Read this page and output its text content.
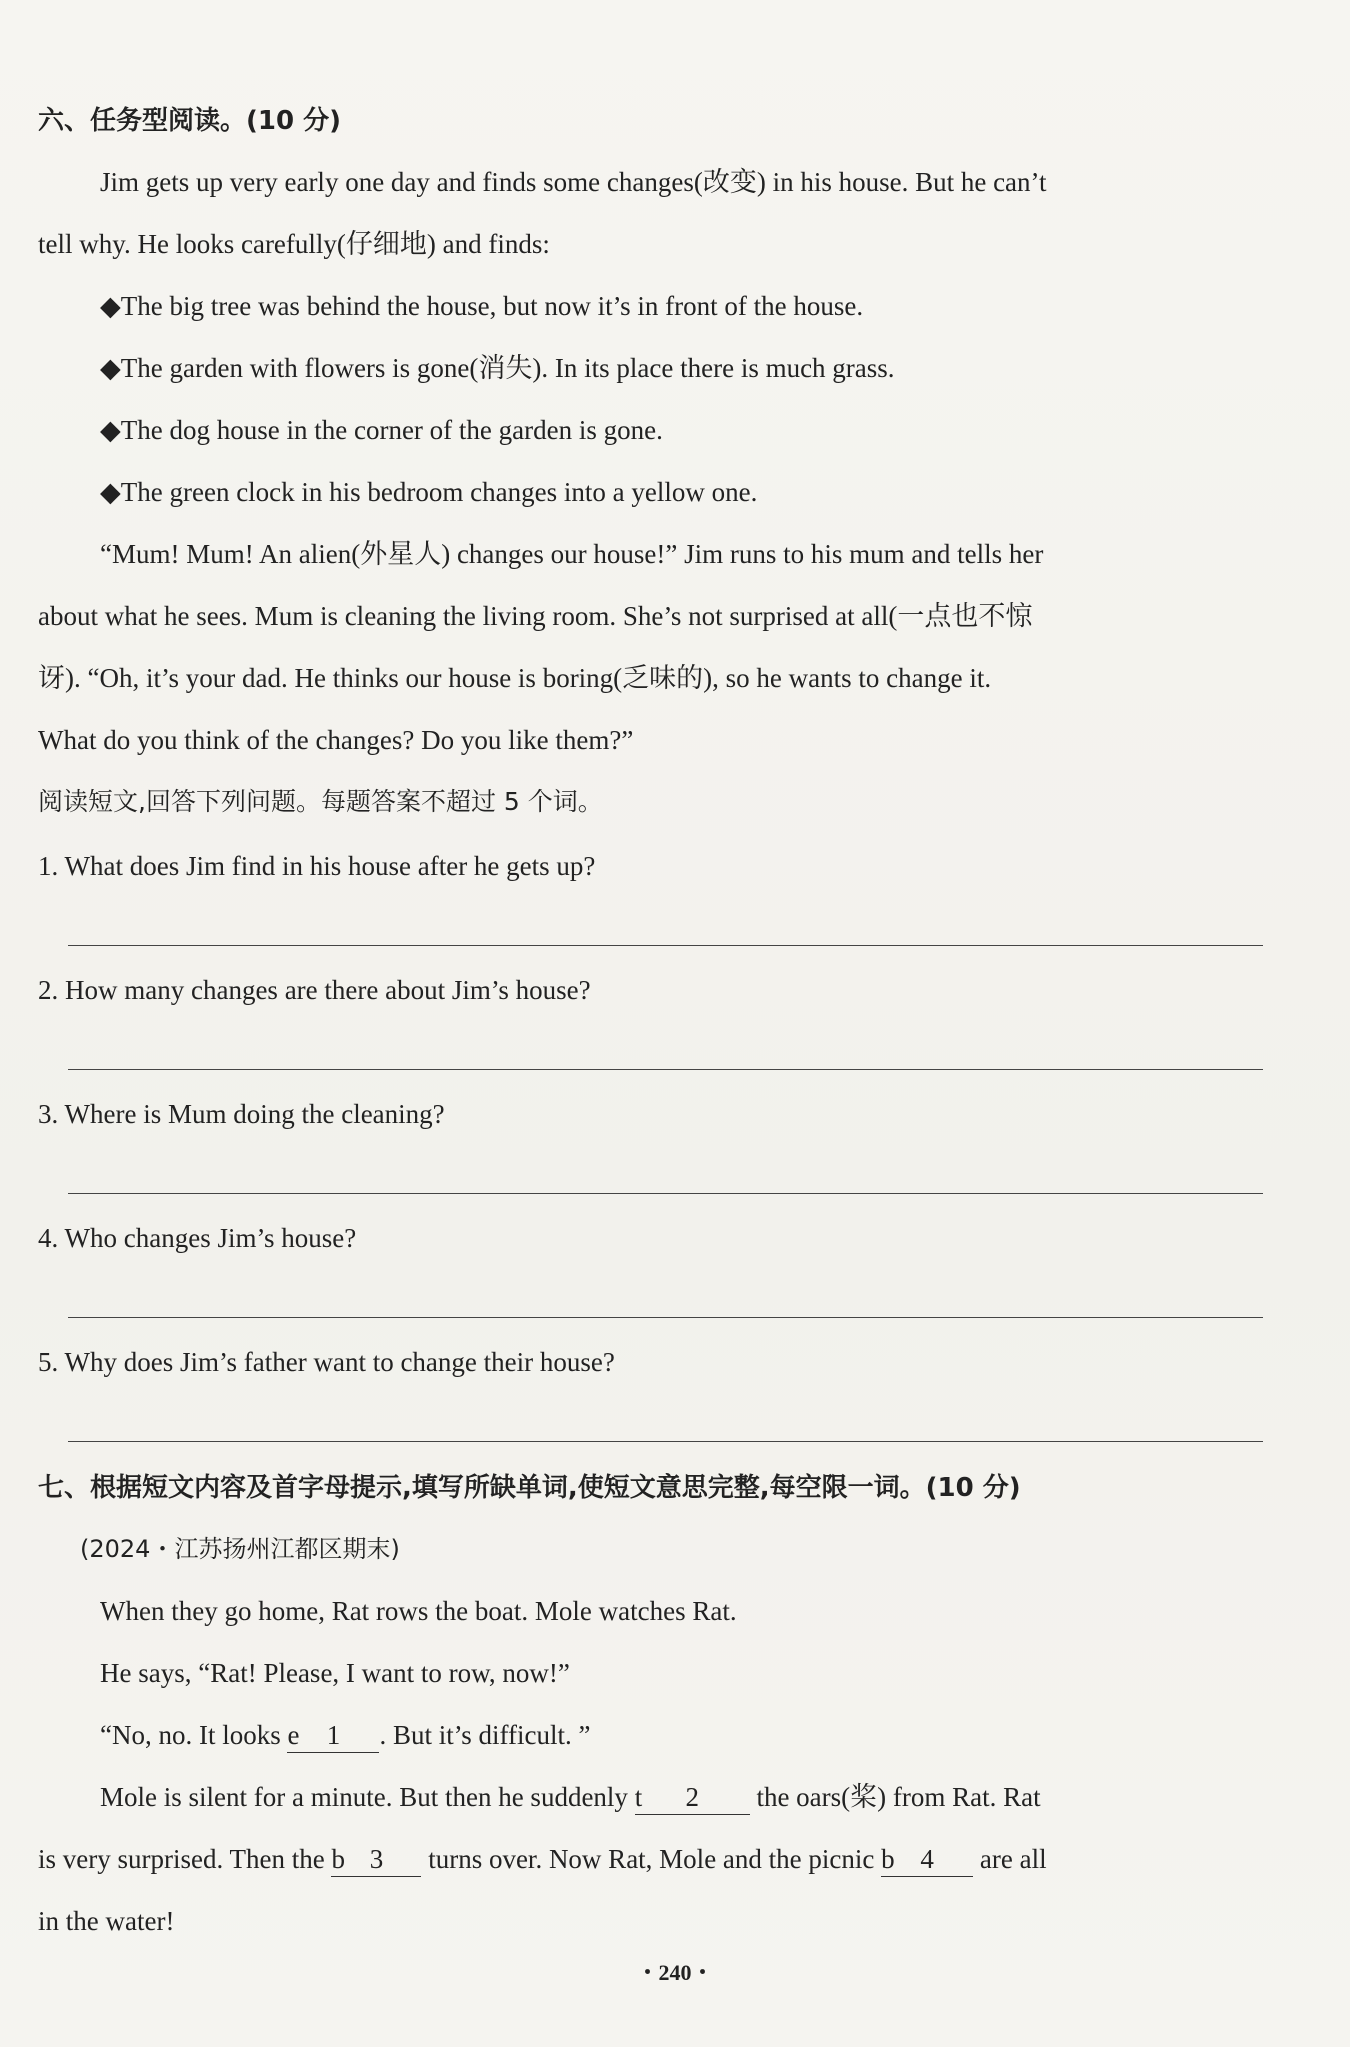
六、任务型阅读。(10 分)
Jim gets up very early one day and finds some changes(改变) in his house. But he can’t
tell why. He looks carefully(仔细地) and finds:
◆The big tree was behind the house, but now it’s in front of the house.
◆The garden with flowers is gone(消失). In its place there is much grass.
◆The dog house in the corner of the garden is gone.
◆The green clock in his bedroom changes into a yellow one.
“Mum! Mum! An alien(外星人) changes our house!” Jim runs to his mum and tells her
about what he sees. Mum is cleaning the living room. She’s not surprised at all(一点也不惊
讶). “Oh, it’s your dad. He thinks our house is boring(乏味的), so he wants to change it.
What do you think of the changes? Do you like them?”
阅读短文,回答下列问题。每题答案不超过 5 个词。
1. What does Jim find in his house after he gets up?
2. How many changes are there about Jim’s house?
3. Where is Mum doing the cleaning?
4. Who changes Jim’s house?
5. Why does Jim’s father want to change their house?
七、根据短文内容及首字母提示,填写所缺单词,使短文意思完整,每空限一词。(10 分)
(2024・江苏扬州江都区期末)
When they go home, Rat rows the boat. Mole watches Rat.
He says, “Rat! Please, I want to row, now!”
“No, no. It looks e 1 . But it’s difficult. ”
Mole is silent for a minute. But then he suddenly t 2 the oars(桨) from Rat. Rat
is very surprised. Then the b 3 turns over. Now Rat, Mole and the picnic b 4 are all
in the water!
・240・
